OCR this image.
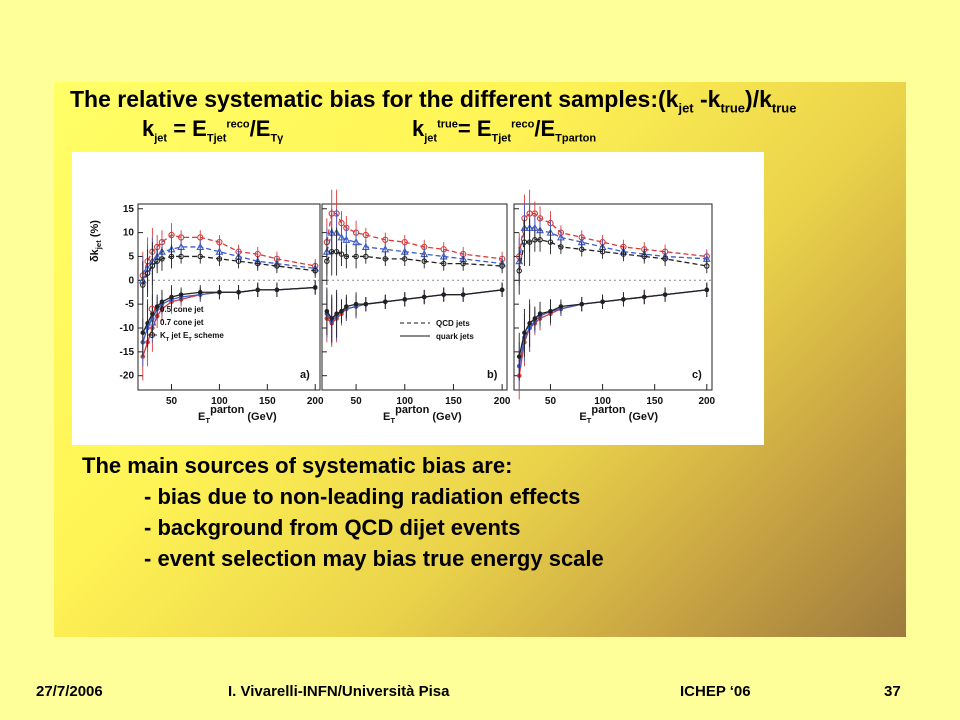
The relative systematic bias for the different $samples:(k_{jet}$ $-k_{true})/k_{true}$
$k_{jet} = E_{Tjet}^{reco}/E_{T\gamma}$	$k_{jet}^{true}= E_{Tjet}^{reco}/E_{Tparton}$
50	100	150	200
15
10
5
0
-5
-10
-15
-20
$\delta k_{jet}$ (%)
a)
$E_Tparton$ (GeV)
0.5 cone jet
0.7 cone jet
$K_T$ jet $E_T$ scheme
50	100	150	200
b)
$E_Tparton$ (GeV)
QCD jets
quark jets
50	100	150	200
c)
$E_Tparton$ (GeV)
The main sources of systematic bias are:
- bias due to non-leading radiation effects
- background from QCD dijet events
- event selection may bias true energy scale
27/7/2006	I. Vivarelli-INFN/Università Pisa	ICHEP ‘06	37
